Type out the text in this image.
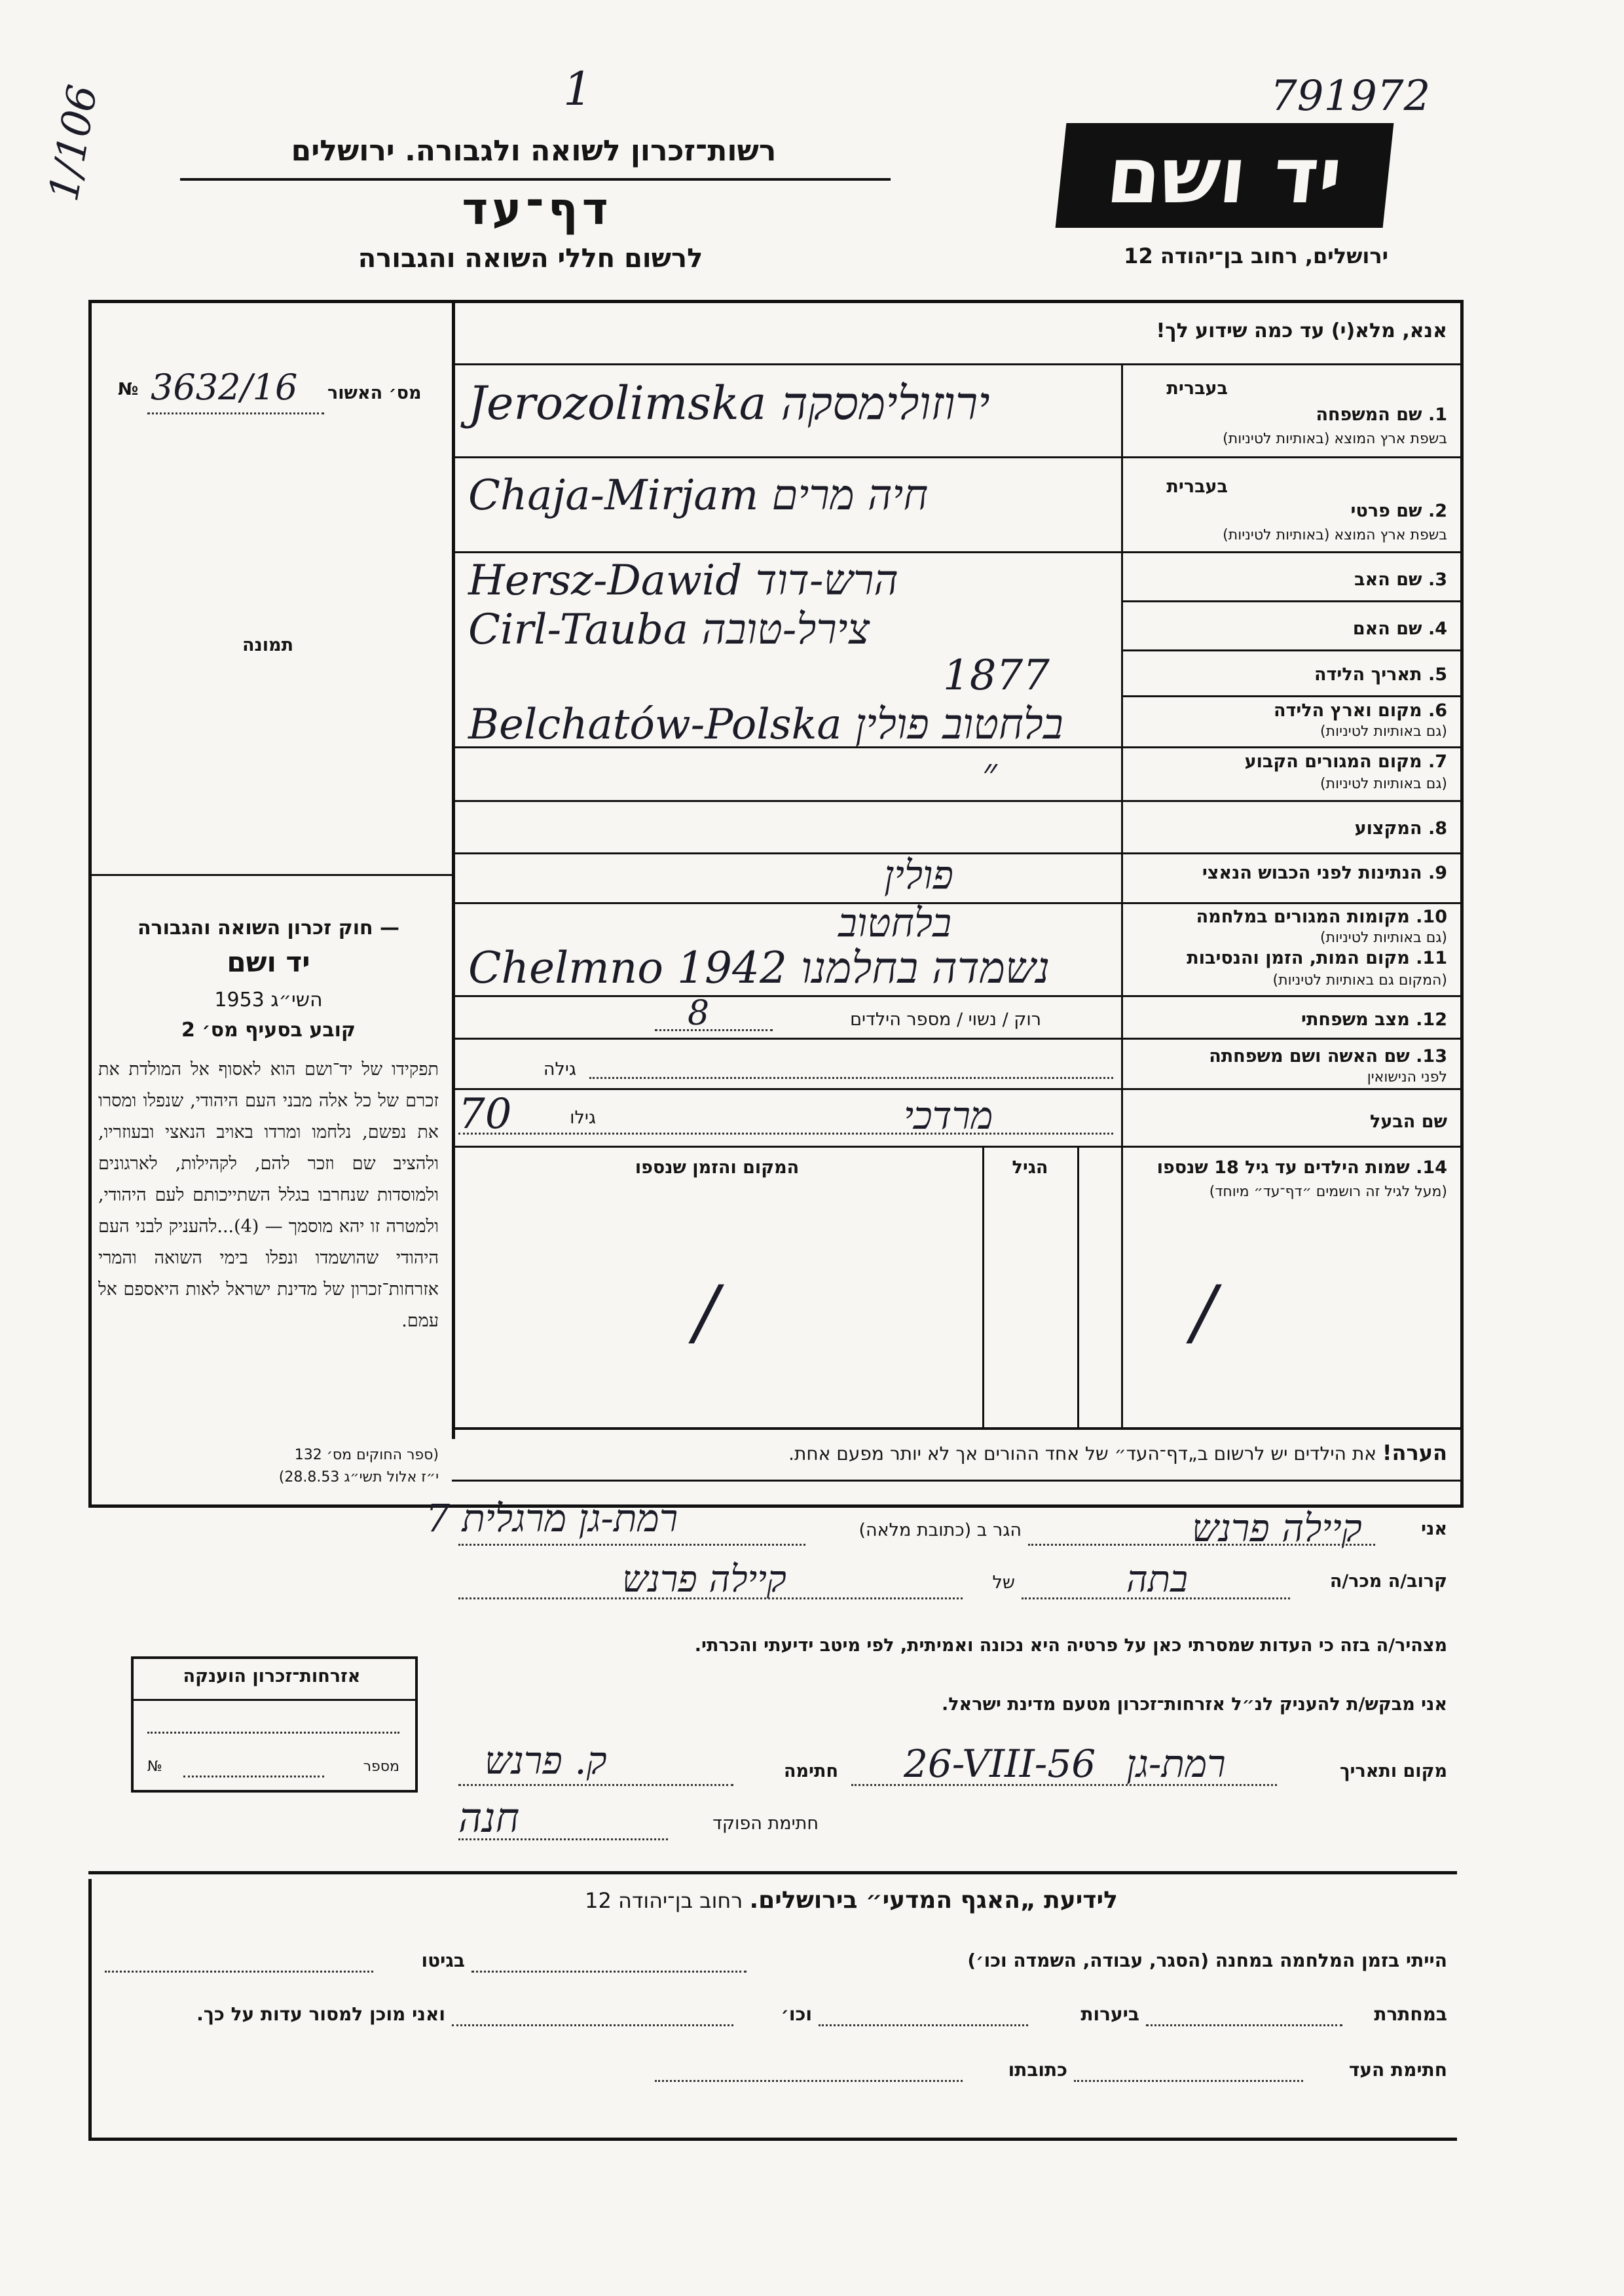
1	791972
1/106	רשות־זכרון לשואה ולגבורה. ירושלים
דף־עד
לרשום חללי השואה והגבורה
יד ושם
ירושלים, רחוב בן־יהודה 12
אנא, מלא(י) עד כמה שידוע לך!
№ 3632/16 מס׳ האשור
תמונה
1. שם המשפחה
בשפת ארץ המוצא (באותיות לטיניות)
בעברית
Jerozolimska ירוזולימסקה
2. שם פרטי
בשפת ארץ המוצא (באותיות לטיניות)
בעברית
Chaja-Mirjam חיה מרים
3. שם האב
Hersz-Dawid הרש-דוד
4. שם האם
Cirl-Tauba צירל-טובה
5. תאריך הלידה
1877
6. מקום וארץ הלידה
(גם באותיות לטיניות)
Belchatów-Polska בלחטוב פולין
7. מקום המגורים הקבוע
(גם באותיות לטיניות)
״
8. המקצוע
9. הנתינות לפני הכבוש הנאצי
פולין
10. מקומות המגורים במלחמה
(גם באותיות לטיניות)
בלחטוב
11. מקום המות, הזמן והנסיבות
(המקום גם באותיות לטיניות)
Chelmno 1942 נשמדה בחלמנו
12. מצב משפחתי
רוק / נשוי / מספר הילדים
8
13. שם האשה ושם משפחתה
לפני הנישואין
גילה
שם הבעל
מרדכי
70	גילו
14. שמות הילדים עד גיל 18 שנספו
(מעל לגיל זה רושמים ״דף־עד״ מיוחד)
הגיל
המקום והזמן שנספו
/
/
הערה! את הילדים יש לרשום ב„דף־העד״ של אחד ההורים אך לא יותר מפעם אחת.
— חוק זכרון השואה והגבורה
יד ושם
השי״ג 1953
קובע בסעיף מס׳ 2
תפקידו של יד־ושם הוא לאסוף אל המולדת את זכרם של כל אלה מבני העם היהודי, שנפלו ומסרו את נפשם, נלחמו ומרדו באויב הנאצי ובעוזריו, ולהציב שם וזכר להם, לקהילות, לארגונים ולמוסדות שנחרבו בגלל השתייכותם לעם היהודי, ולמטרה זו יהא מוסמך — (4)...להעניק לבני העם היהודי שהושמדו ונפלו בימי השואה והמרי אזרחות־זכרון של מדינת ישראל לאות היאספם אל עמם.
(ספר החוקים מס׳ 132
י״ז אלול תשי״ג 28.8.53)
אני
קיילה פרנש
הגר ב (כתובת מלאה)
רמת-גן מרגלית 7
קרוב/ה מכר/ה
בתה
של
קיילה פרנש
מצהיר/ה בזה כי העדות שמסרתי כאן על פרטיה היא נכונה ואמיתית, לפי מיטב ידיעתי והכרתי.
אני מבקש/ת להעניק לנ״ל אזרחות־זכרון מטעם מדינת ישראל.
מקום ותאריך
רמת-גן
26-VIII-56
חתימה
ק. פרנש
חתימת הפוקד
חנה
אזרחות־זכרון הוענקה
מספר
№
לידיעת „האגף המדעי״ בירושלים. רחוב בן־יהודה 12
הייתי בזמן המלחמה במחנה (הסגר, עבודה, השמדה וכו׳)
בגיטו
במחתרת
ביערות
וכו׳
ואני מוכן למסור עדות על כך.
חתימת העד
כתובתו
